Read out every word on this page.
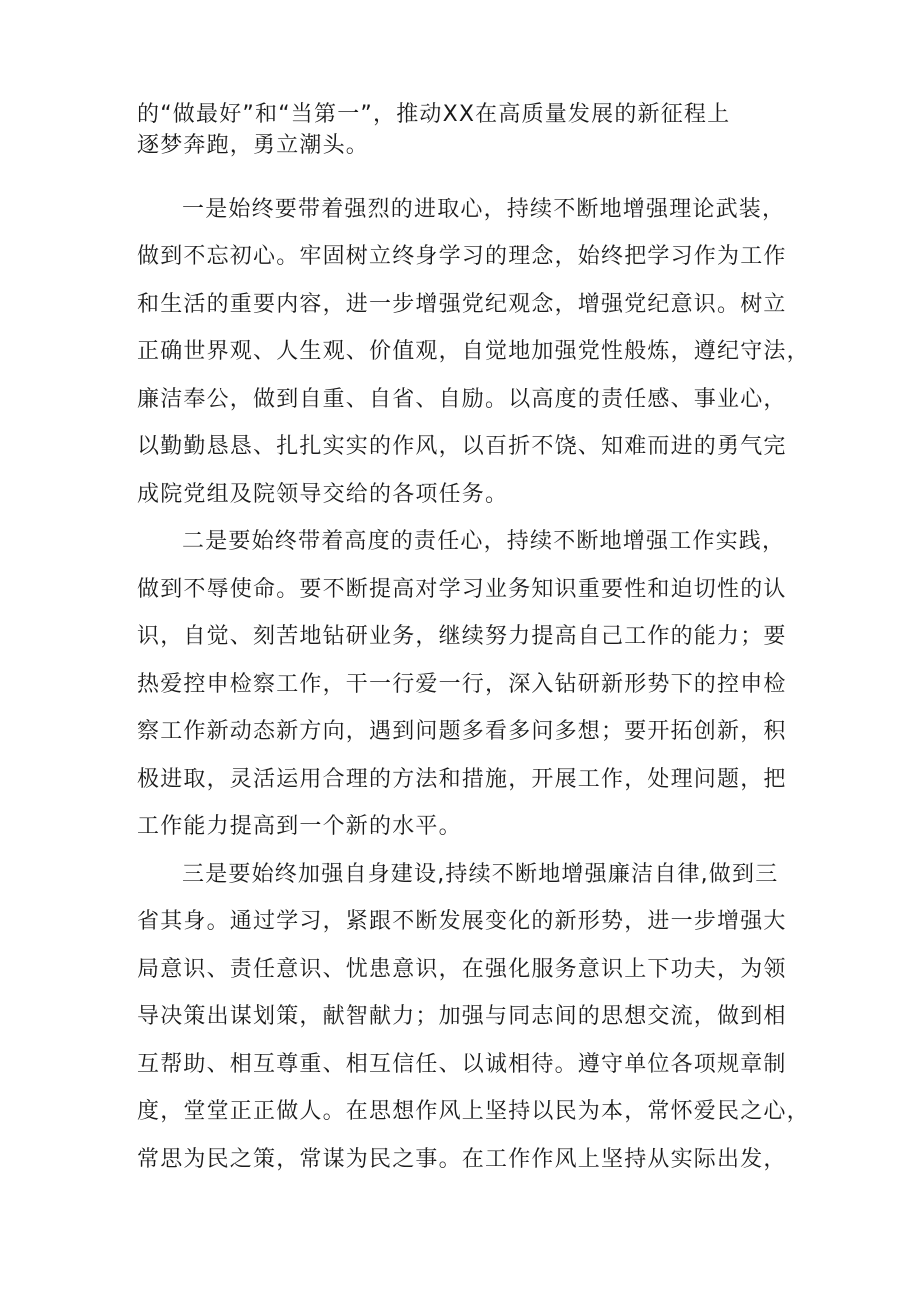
的“做最好”和“当第一”，推动XX在高质量发展的新征程上
逐梦奔跑，勇立潮头。
一是始终要带着强烈的进取心，持续不断地增强理论武装，
做到不忘初心。牢固树立终身学习的理念，始终把学习作为工作
和生活的重要内容，进一步增强党纪观念，增强党纪意识。树立
正确世界观、人生观、价值观，自觉地加强党性般炼，遵纪守法，
廉洁奉公，做到自重、自省、自励。以高度的责任感、事业心，
以勤勤恳恳、扎扎实实的作风，以百折不饶、知难而进的勇气完
成院党组及院领导交给的各项任务。
二是要始终带着高度的责任心，持续不断地增强工作实践，
做到不辱使命。要不断提高对学习业务知识重要性和迫切性的认
识，自觉、刻苦地钻研业务，继续努力提高自己工作的能力；要
热爱控申检察工作，干一行爱一行，深入钻研新形势下的控申检
察工作新动态新方向，遇到问题多看多问多想；要开拓创新，积
极进取，灵活运用合理的方法和措施，开展工作，处理问题，把
工作能力提高到一个新的水平。
三是要始终加强自身建设,持续不断地增强廉洁自律,做到三
省其身。通过学习，紧跟不断发展变化的新形势，进一步增强大
局意识、责任意识、忧患意识，在强化服务意识上下功夫，为领
导决策出谋划策，献智献力；加强与同志间的思想交流，做到相
互帮助、相互尊重、相互信任、以诚相待。遵守单位各项规章制
度，堂堂正正做人。在思想作风上坚持以民为本，常怀爱民之心，
常思为民之策，常谋为民之事。在工作作风上坚持从实际出发，
